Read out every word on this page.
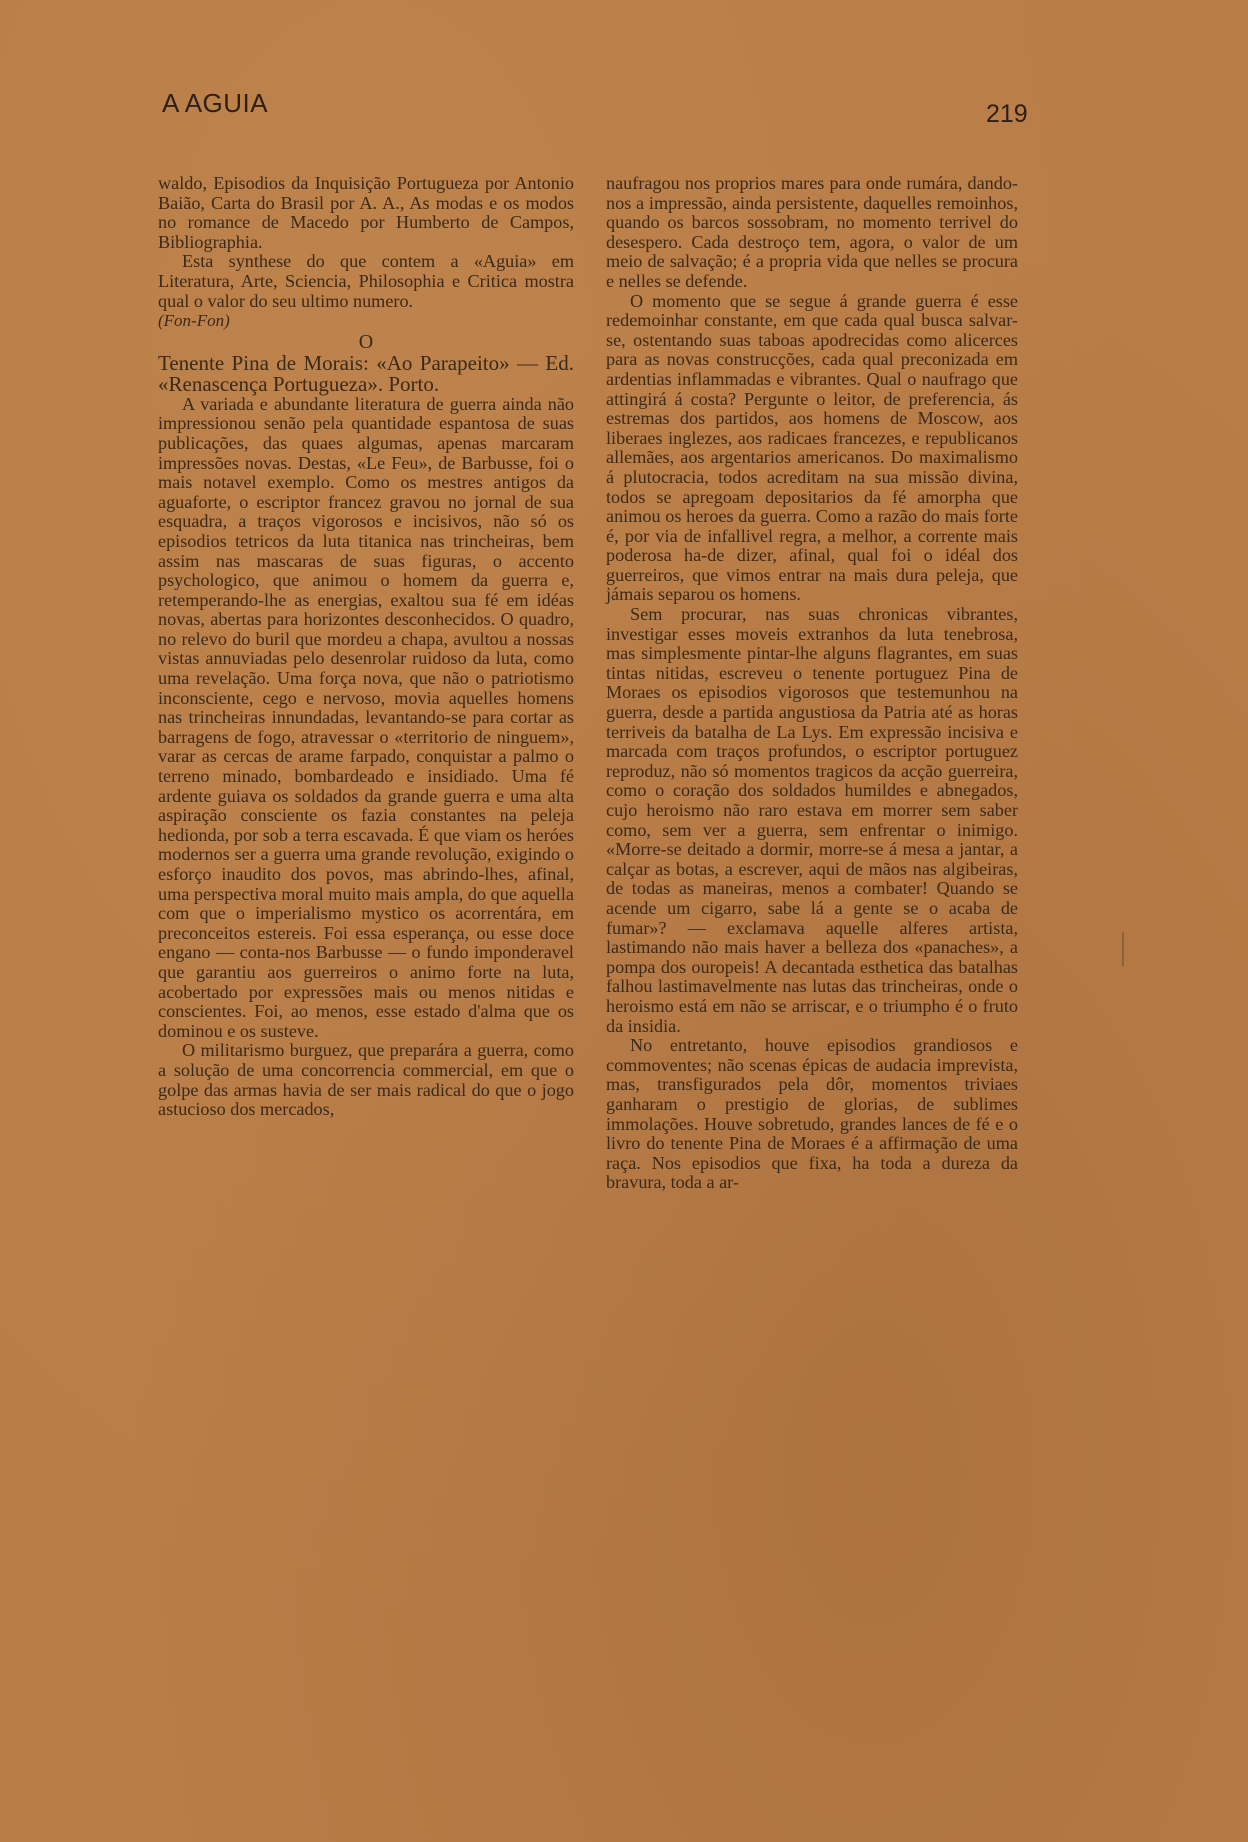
A AGUIA	219

waldo, Episodios da Inquisição Portugueza por Antonio Baião, Carta do Brasil por A. A., As modas e os modos no romance de Macedo por Humberto de Campos, Bibliographia.

Esta synthese do que contem a «Aguia» em Literatura, Arte, Sciencia, Philosophia e Critica mostra qual o valor do seu ultimo numero.

(Fon-Fon)

O

Tenente Pina de Morais: «Ao Parapeito» — Ed. «Renascença Portugueza». Porto.

A variada e abundante literatura de guerra ainda não impressionou senão pela quantidade espantosa de suas publicações, das quaes algumas, apenas marcaram impressões novas. Destas, «Le Feu», de Barbusse, foi o mais notavel exemplo. Como os mestres antigos da aguaforte, o escriptor francez gravou no jornal de sua esquadra, a traços vigorosos e incisivos, não só os episodios tetricos da luta titanica nas trincheiras, bem assim nas mascaras de suas figuras, o accento psychologico, que animou o homem da guerra e, retemperando-lhe as energias, exaltou sua fé em idéas novas, abertas para horizontes desconhecidos. O quadro, no relevo do buril que mordeu a chapa, avultou a nossas vistas annuviadas pelo desenrolar ruidoso da luta, como uma revelação. Uma força nova, que não o patriotismo inconsciente, cego e nervoso, movia aquelles homens nas trincheiras innundadas, levantando-se para cortar as barragens de fogo, atravessar o «territorio de ninguem», varar as cercas de arame farpado, conquistar a palmo o terreno minado, bombardeado e insidiado. Uma fé ardente guiava os soldados da grande guerra e uma alta aspiração consciente os fazia constantes na peleja hedionda, por sob a terra escavada. É que viam os heróes modernos ser a guerra uma grande revolução, exigindo o esforço inaudito dos povos, mas abrindo-lhes, afinal, uma perspectiva moral muito mais ampla, do que aquella com que o imperialismo mystico os acorrentára, em preconceitos estereis. Foi essa esperança, ou esse doce engano — conta-nos Barbusse — o fundo imponderavel que garantiu aos guerreiros o animo forte na luta, acobertado por expressões mais ou menos nitidas e conscientes. Foi, ao menos, esse estado d'alma que os dominou e os susteve.

O militarismo burguez, que preparára a guerra, como a solução de uma concorrencia commercial, em que o golpe das armas havia de ser mais radical do que o jogo astucioso dos mercados,

naufragou nos proprios mares para onde rumára, dando-nos a impressão, ainda persistente, daquelles remoinhos, quando os barcos sossobram, no momento terrivel do desespero. Cada destroço tem, agora, o valor de um meio de salvação; é a propria vida que nelles se procura e nelles se defende.

O momento que se segue á grande guerra é esse redemoinhar constante, em que cada qual busca salvar-se, ostentando suas taboas apodrecidas como alicerces para as novas construcções, cada qual preconizada em ardentias inflammadas e vibrantes. Qual o naufrago que attingirá á costa? Pergunte o leitor, de preferencia, ás estremas dos partidos, aos homens de Moscow, aos liberaes inglezes, aos radicaes francezes, e republicanos allemães, aos argentarios americanos. Do maximalismo á plutocracia, todos acreditam na sua missão divina, todos se apregoam depositarios da fé amorpha que animou os heroes da guerra. Como a razão do mais forte é, por via de infallivel regra, a melhor, a corrente mais poderosa ha-de dizer, afinal, qual foi o idéal dos guerreiros, que vimos entrar na mais dura peleja, que jámais separou os homens.

Sem procurar, nas suas chronicas vibrantes, investigar esses moveis extranhos da luta tenebrosa, mas simplesmente pintar-lhe alguns flagrantes, em suas tintas nitidas, escreveu o tenente portuguez Pina de Moraes os episodios vigorosos que testemunhou na guerra, desde a partida angustiosa da Patria até as horas terriveis da batalha de La Lys. Em expressão incisiva e marcada com traços profundos, o escriptor portuguez reproduz, não só momentos tragicos da acção guerreira, como o coração dos soldados humildes e abnegados, cujo heroismo não raro estava em morrer sem saber como, sem ver a guerra, sem enfrentar o inimigo. «Morre-se deitado a dormir, morre-se á mesa a jantar, a calçar as botas, a escrever, aqui de mãos nas algibeiras, de todas as maneiras, menos a combater! Quando se acende um cigarro, sabe lá a gente se o acaba de fumar»? — exclamava aquelle alferes artista, lastimando não mais haver a belleza dos «panaches», a pompa dos ouropeis! A decantada esthetica das batalhas falhou lastimavelmente nas lutas das trincheiras, onde o heroismo está em não se arriscar, e o triumpho é o fruto da insidia.

No entretanto, houve episodios grandiosos e commoventes; não scenas épicas de audacia imprevista, mas, transfigurados pela dôr, momentos triviaes ganharam o prestigio de glorias, de sublimes immolações. Houve sobretudo, grandes lances de fé e o livro do tenente Pina de Moraes é a affirmação de uma raça. Nos episodios que fixa, ha toda a dureza da bravura, toda a ar-
